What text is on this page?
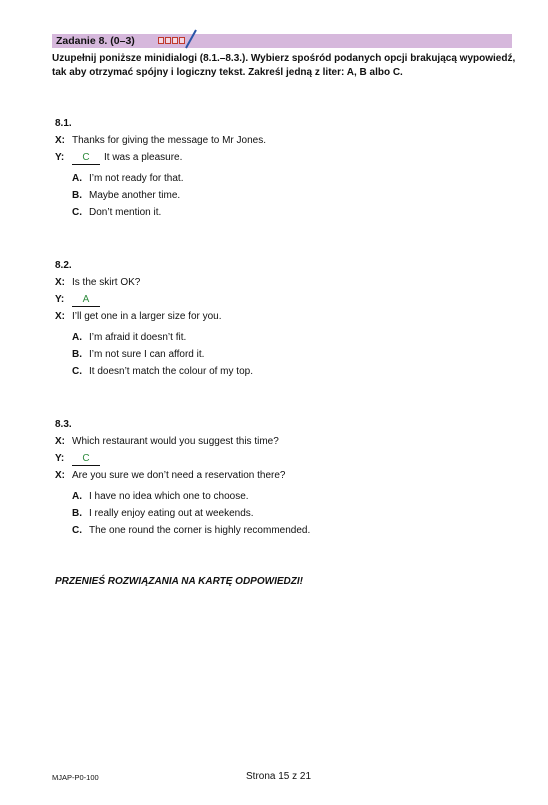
Zadanie 8. (0–3)
Uzupełnij poniższe minidialogi (8.1.–8.3.). Wybierz spośród podanych opcji brakującą wypowiedź, tak aby otrzymać spójny i logiczny tekst. Zakreśl jedną z liter: A, B albo C.
8.1.
X: Thanks for giving the message to Mr Jones.
Y:	C	It was a pleasure.
A. I’m not ready for that.
B. Maybe another time.
C. Don’t mention it.
8.2.
X: Is the skirt OK?
Y:	A
X: I’ll get one in a larger size for you.
A. I’m afraid it doesn’t fit.
B. I’m not sure I can afford it.
C. It doesn’t match the colour of my top.
8.3.
X: Which restaurant would you suggest this time?
Y:	C
X: Are you sure we don’t need a reservation there?
A. I have no idea which one to choose.
B. I really enjoy eating out at weekends.
C. The one round the corner is highly recommended.
PRZENIEŚ ROZWIĄZANIA NA KARTĘ ODPOWIEDZI!
MJAP-P0-100	Strona 15 z 21
